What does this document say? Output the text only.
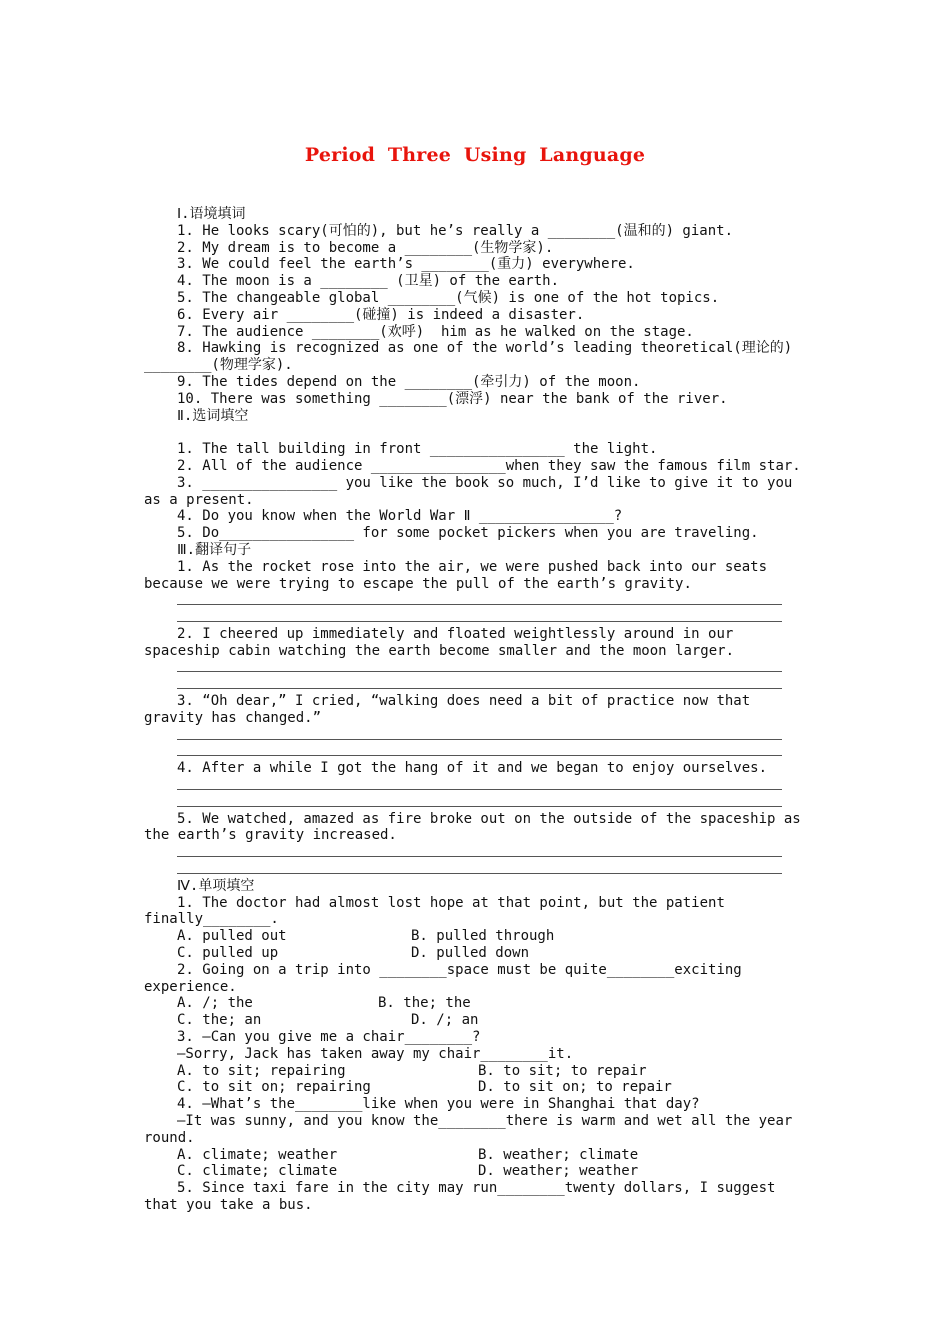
Period Three Using Language
Ⅰ.语境填词
1. He looks scary(可怕的), but he’s really a ________(温和的) giant.
2. My dream is to become a ________(生物学家).
3. We could feel the earth’s ________(重力) everywhere.
4. The moon is a ________ (卫星) of the earth.
5. The changeable global ________(气候) is one of the hot topics.
6. Every air ________(碰撞) is indeed a disaster.
7. The audience ________(欢呼)  him as he walked on the stage.
8. Hawking is recognized as one of the world’s leading theoretical(理论的)
________(物理学家).
9. The tides depend on the ________(牵引力) of the moon.
10. There was something ________(漂浮) near the bank of the river.
Ⅱ.选词填空
1. The tall building in front ________________ the light.
2. All of the audience ________________when they saw the famous film star.
3. ________________ you like the book so much, I’d like to give it to you
as a present.
4. Do you know when the World War Ⅱ ________________?
5. Do________________ for some pocket pickers when you are traveling.
Ⅲ.翻译句子
1. As the rocket rose into the air, we were pushed back into our seats
because we were trying to escape the pull of the earth’s gravity.
2. I cheered up immediately and floated weightlessly around in our
spaceship cabin watching the earth become smaller and the moon larger.
3. “Oh dear,” I cried, “walking does need a bit of practice now that
gravity has changed.”
4. After a while I got the hang of it and we began to enjoy ourselves.
5. We watched, amazed as fire broke out on the outside of the spaceship as
the earth’s gravity increased.
Ⅳ.单项填空
1. The doctor had almost lost hope at that point, but the patient
finally________.
A. pulled out	B. pulled through
C. pulled up	D. pulled down
2. Going on a trip into ________space must be quite________exciting
experience.
A. /; the	B. the; the
C. the; an	D. /; an
3. —Can you give me a chair________?
—Sorry, Jack has taken away my chair________it.
A. to sit; repairing	B. to sit; to repair
C. to sit on; repairing	D. to sit on; to repair
4. —What’s the________like when you were in Shanghai that day?
—It was sunny, and you know the________there is warm and wet all the year
round.
A. climate; weather	B. weather; climate
C. climate; climate	D. weather; weather
5. Since taxi fare in the city may run________twenty dollars, I suggest
that you take a bus.
